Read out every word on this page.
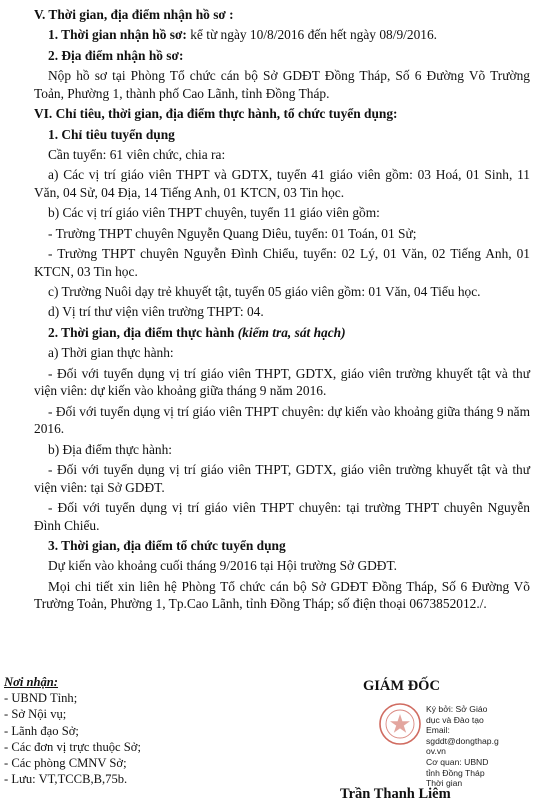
V. Thời gian, địa điểm nhận hồ sơ :

1. Thời gian nhận hồ sơ: kể từ ngày 10/8/2016 đến hết ngày 08/9/2016.

2. Địa điểm nhận hồ sơ:

Nộp hồ sơ tại Phòng Tổ chức cán bộ Sở GDĐT Đồng Tháp, Số 6 Đường Võ Trường Toản, Phường 1, thành phố Cao Lãnh, tỉnh Đồng Tháp.

VI. Chỉ tiêu, thời gian, địa điểm thực hành, tổ chức tuyển dụng:

1. Chỉ tiêu tuyển dụng

Cần tuyển: 61 viên chức, chia ra:

a) Các vị trí giáo viên THPT và GDTX, tuyển 41 giáo viên gồm: 03 Hoá, 01 Sinh, 11 Văn, 04 Sử, 04 Địa, 14 Tiếng Anh, 01 KTCN, 03 Tin học.

b) Các vị trí giáo viên THPT chuyên, tuyển 11 giáo viên gồm:

- Trường THPT chuyên Nguyễn Quang Diêu, tuyển: 01 Toán, 01 Sử;

- Trường THPT chuyên Nguyễn Đình Chiểu, tuyển: 02 Lý, 01 Văn, 02 Tiếng Anh, 01 KTCN, 03 Tin học.

c) Trường Nuôi dạy trẻ khuyết tật, tuyển 05 giáo viên gồm: 01 Văn, 04 Tiểu học.

d) Vị trí thư viện viên trường THPT: 04.

2. Thời gian, địa điểm thực hành (kiểm tra, sát hạch)

a) Thời gian thực hành:

- Đối với tuyển dụng vị trí giáo viên THPT, GDTX, giáo viên trường khuyết tật và thư viện viên: dự kiến vào khoảng giữa tháng 9 năm 2016.

- Đối với tuyển dụng vị trí giáo viên THPT chuyên: dự kiến vào khoảng giữa tháng 9 năm 2016.

b) Địa điểm thực hành:

- Đối với tuyển dụng vị trí giáo viên THPT, GDTX, giáo viên trường khuyết tật và thư viện viên: tại Sở GDĐT.

- Đối với tuyển dụng vị trí giáo viên THPT chuyên: tại trường THPT chuyên Nguyễn Đình Chiểu.

3. Thời gian, địa điểm tổ chức tuyển dụng

Dự kiến vào khoảng cuối tháng 9/2016 tại Hội trường Sở GDĐT.

Mọi chi tiết xin liên hệ Phòng Tổ chức cán bộ Sở GDĐT Đồng Tháp, Số 6 Đường Võ Trường Toản, Phường 1, Tp.Cao Lãnh, tỉnh Đồng Tháp; số điện thoại 0673852012./.

Nơi nhận:
- UBND Tỉnh;
- Sở Nội vụ;
- Lãnh đạo Sở;
- Các đơn vị trực thuộc Sở;
- Các phòng CMNV Sở;
- Lưu: VT,TCCB,B,75b.
GIÁM ĐỐC
Ký bởi: Sở Giáo
dục và Đào tạo
Email:
sgddt@dongthap.g
ov.vn
Cơ quan: UBND
tỉnh Đồng Tháp
Thời gian
Trần Thanh Liêm
